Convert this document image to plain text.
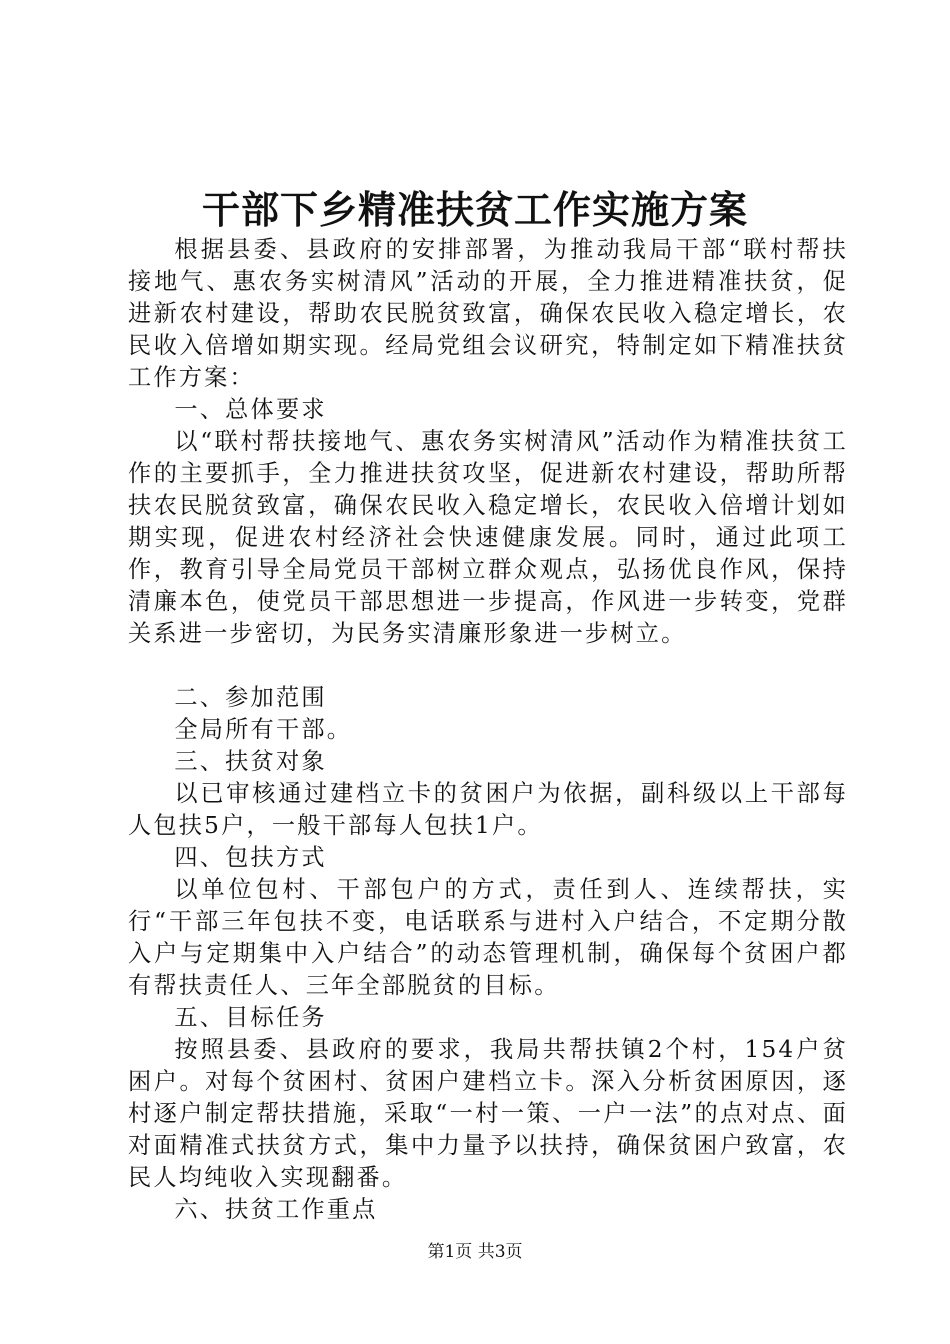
干部下乡精准扶贫工作实施方案

根据县委、县政府的安排部署，为推动我局干部“联村帮扶接地气、惠农务实树清风”活动的开展，全力推进精准扶贫，促进新农村建设，帮助农民脱贫致富，确保农民收入稳定增长，农民收入倍增如期实现。经局党组会议研究，特制定如下精准扶贫工作方案：

一、总体要求

以“联村帮扶接地气、惠农务实树清风”活动作为精准扶贫工作的主要抓手，全力推进扶贫攻坚，促进新农村建设，帮助所帮扶农民脱贫致富，确保农民收入稳定增长，农民收入倍增计划如期实现，促进农村经济社会快速健康发展。同时，通过此项工作，教育引导全局党员干部树立群众观点，弘扬优良作风，保持清廉本色，使党员干部思想进一步提高，作风进一步转变，党群关系进一步密切，为民务实清廉形象进一步树立。

二、参加范围

全局所有干部。

三、扶贫对象

以已审核通过建档立卡的贫困户为依据，副科级以上干部每人包扶5户，一般干部每人包扶1户。

四、包扶方式

以单位包村、干部包户的方式，责任到人、连续帮扶，实行“干部三年包扶不变，电话联系与进村入户结合，不定期分散入户与定期集中入户结合”的动态管理机制，确保每个贫困户都有帮扶责任人、三年全部脱贫的目标。

五、目标任务

按照县委、县政府的要求，我局共帮扶镇2个村，154户贫困户。对每个贫困村、贫困户建档立卡。深入分析贫困原因，逐村逐户制定帮扶措施，采取“一村一策、一户一法”的点对点、面对面精准式扶贫方式，集中力量予以扶持，确保贫困户致富，农民人均纯收入实现翻番。

六、扶贫工作重点

第1页 共3页
